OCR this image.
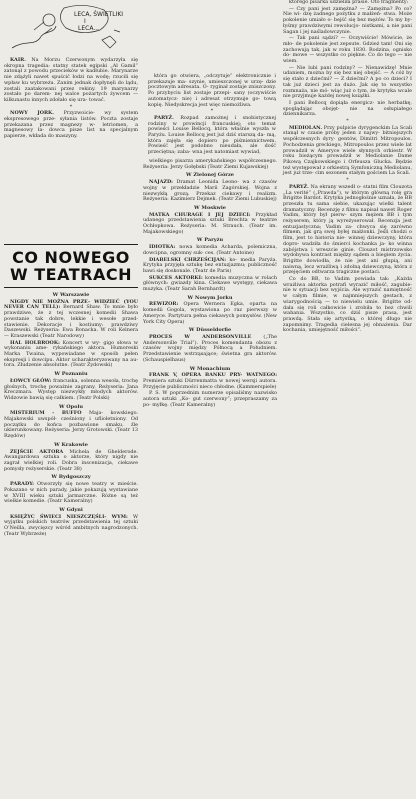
KAIR. Na Morzu Czerwonym wydarzyła się okropna tragedia: statny statek egipski „Al Gamil” zatonął z powodu przecieków w kadłubie. Marynarze nie zdążyli nawet spuścić łodzi na wodę; rzucili się wpław ku wybrzeżu. Zanim jednak dopłynęli do lądu, zostali zaatakowani przez rekiny. 19 marynarzy zostało po darem- nej walce pożartych żywcem — kilkunastu innych zdołało się ura- tować.

*

NOWY JORK. Przyzwoicie- wy system ekspresowego prze- syłania listów. Poczta zostaje przekazana przez magnezy w- letriomen, a magnesowy ła- dowca pisze list na specjalnym papierze, wkłada do maszyny.

LECA, ŚWIETLIKI
I
LECA...
CO NOWEGO
W TEATRACH
W Warszawie

NIGDY NIE MOŻNA PRZE- WIDZIEĆ (YOU NEVER CAN TELL): Bernard Shaw. To mnie było prawdziwe, że z tej wczesnej komedii Shawa powstanie tak dobre, lekkie i wesołe przed- stawienie. Dekoracje i kostiumy: prawdziwy Daszewski. Reżyseria: Ewa Bonacka. W roli Kelnera — Kraszewski (Teatr Narodowy)

HAL HOLBROOK: Koncert w wy- gigo słowa w wykonaniu ame- rykańskiego aktora. Humoreski Marka Twaina, wypowiadane w sposób pełen ekspresji i dowcipu. Aktor ucharakteryzowany na au- tora. Złudzenie absolutne. (Teatr Żydowski)

W Poznaniu

ŁOWCY GŁÓW: francuska, solenna wesoła, trochę głośnych, trochę poważnie zagrany. Reżyseria: Jana Kreczmara. Występ niezwykły młodych aktorów. Widzowie bawią się całkiem. (Teatr Polski)

W Opolu

MISTERIUM - BUFFO Maja- kowskiego. Majakowski uwspół- cześniony i uflioletniony. Od początku do końca pozbawione smaku, źle ukierunkowany. Reżyseria: Jerzy Grotowski. (Teatr 13 Rzędów)

W Krakowie

ZEJŚCIE AKTORA Michela de Ghelderode. Awangardowa sztuka o aktorze, który nigdy nie zagrał wielkiej roli. Dobra inscenizacja, ciekawe pomysły reżyserskie. (Teatr 38)

W Bydgoszczy

PARADY: Otworzyły się nowe teatry w mieście. Pokazano w nich parady, jakie pokazują wystawiane w XVIII wieku sztuki jarmarczne. Różne są też wielkie komedie. (Teatr Kameralny)

W Gdyni

KSIĘŻYC ŚWIECI NIESZCZĘŚLI- WYM: W wyjątku polskich teatrów przedstawienia tej sztuki O’Neilla, zwycięzcy wśród ambitnych nagrodzonych. (Teatr Wybrzeże)

która go otwiera, „odczytuje” elektronicznie i przekazuje ma- szynie, umieszczonej w urzę- dzie pocztowym adresata. O- ryginał zostaje zniszczony. Po przybyciu list zostaje przepi- sany (oczywiście automatycz- nie) i adresat otrzymuje go- tową kopię. Niedyskrecja jest więc niemożliwa.

*

PARYŻ. Rozpad zamożnej i snobistycznej rodziny w prowincji francuskiej; oto temat powieści Louise Bellocq, która właśnie wyszła w Paryżu. Louise Bellocq jest już dziś starszą da- mą, która zajęła się dopiero po piśmiennictwem. Powieść jest podobno nieudała, ale dość przeciętna; zaba- wna jest natomiast wywiad,

wielkiego pisarza amerykańskiego współczesnego. Reżyseria: Jerzy Gołębski (Teatr Ziemi Kujawskiej)

W Zielonej Górze

NAJAZD: Dramat Leonida Leono- wa z czasów wojny w przekładzie Marii Zagórskiej. Wojna z niezwykłą grozą. Przekaz ciekawy i realizm. Reżyseria: Kazimierz Dejmek. (Teatr Ziemi Lubuskiej)

W Moskwie

MATKA CHURAGE I JEJ DZIECI: Przykład udanego przedstawienia sztuki Brechta w teatrze Ochłopkowa. Reżyseria: M. Strauch. (Teatr im. Majakowskiego)

W Paryżu

IDIOTKA: nowa komedia Acharda, polemiczna, dowcipna, ogromny suk- ces. (Teatr Antoine)

DIABELSKI CHRZEŚCIJAN: ko- media Paryża. Krytyka przyjęła sztukę bez entuzjazmu; publiczność bawi się doskonale. (Teatr de Paris)

SUKCES AKTORKI: komedia muzyczna w rolach głównych: gwiazdy kina. Ciekawe występy, ciekawa muzyka. (Teatr Sarah Bernhardt)

W Nowym Jorku

REWIZOR: Opera Wernera Egka, oparta na komedii Gogola, wystawiona po raz pierwszy w Ameryce. Partytura pełna ciekawych pomysłów. (New York City Opera)

W Düsseldorfie

PROCES W ANDERSONVILLE („The Andersonville Trial”). Proces komendanta obozu z czasów wojny między Północą a Południem. Przedstawienie wstrząsające; świetna gra aktorów. (Schauspielhaus)

W Monachium

FRANK V, OPERA BANKU PRY- WATNEGO: Premiera sztuki Dürrenmatta w nowej wersji autora. Przyjęcie publiczności nieco chłodne. (Kammerspiele)

P. S. W poprzednim numerze opisaliśmy nazwisko autora sztuki „Ko- gut czerwony”; przepraszamy za po- myłkę. (Teatr Kameralny)

którego pisarka udzieliła prasie. Oto fragmenty:

— Czy pani jest zamężna? — Zamężna? Po co? Nie wi- dzę żadnego pożytku z małżeń- stwa. Może pokolenie umiało o- bejść się bez mężów. To my by- łyśmy prawdziwymi rewolucjo- nistkami, a nie pani Sagan i jej naśladowczynie.

— Tak pani sądzi? — Oczywiście! Mówicie, że mło- de pokolenie jest zepsute. Gdzież tam! Oni się zachowują tak, jak w roku 1830. Rodzina, ognisko do- mowe — wszystko co piękne. Co do tego — nie wiem.

— Nie lubi pani rodziny? — Nienawidzę! Mnie udaniem, można by się bez niej obejść. — A cóż by się stało z dziećmi? — Z dziećmi? A po co dzieci? I tak już dzieci jest za dużo. Jak się to wszystko rozmnaża, nie mó- wiąc już o tym, że krytyka wcale nie przyjmuje każdej nowej książki.

I pani Bellocq dopiąła energicz- nie herbatkę, spoglądając obojęt- nie na osłupiałego dziennikarza.

*

MEDIOLAN. Przy pulpicie dyrygenckim La Scali stanął w czasie próby jeden z najwy- bitniejszych współczesnych dyry- gentów, Dimitri Mitropoulos. Pochodzenia greckiego, Mitropoulos przez wiele lat prowadził w Ameryce wiele słynnych orkiestr. W roku bieżącym prowadził w Mediolanie Dame Pikową Czajkowskiego i Orfeusza Glucka. Będzie też występował z orkiestrą Symfoniczną Mediolanu, jest już trze- cim sezonem stałym gościem La Scali.

*

PARYŻ. Na ekrany wszedł o- statni film Clouzota „La verité” („Prawda”), w którym główną rolę gra Brigitte Bardot. Krytyka jednogłośnie uznała, że BB przeszła tu sama siebie, ukazując wielki talent dramatyczny. Recenzję z filmu napisał nawet Roger Vadim, który był pierw- szym mężem BB i tym reżyserem, który ją wyreżyserował. Recenzja jest entuzjastyczna; Vadim za- chwyca się zarówno filmem, jak grą swej byłej małżonki. Jeśli chodzi o film, jest to historia nie- winnej dziewczyny, która dopro- wadziła do śmierci kochanka ja- ko winna zabójstwa i wreszcie ginie. Clouzot mistrzowsko wydobywa kontrast między sądem a biegiem życia. Brigitte dowiodła, że nie jest ani głupią, ani naiwną, lecz wrażliwą i zdolną dziewczyną, która z przejęciem odtwarza tragiczne postaci.

Co do BB, to Vadim powiada tak: „Każda wrażliwa aktorka potrafi wyrazić miłość, zagubie- nie w sytuacji bez wyjścia. Ale wyrazić namiętność w całym filmie, w najmniejszych gestach, z wiarygodnością — to niewielu umie. Brigitte od- dała się roli całkowicie i zrobiła to bez chwili wahania. Wszystko, co dziś pisze prasa, jest prawdą. Stała się artystką, o której długo nie zapomnimy. Tragedia cielesna jej obnażenia. Dar kochania, umiejętność miłości”.
